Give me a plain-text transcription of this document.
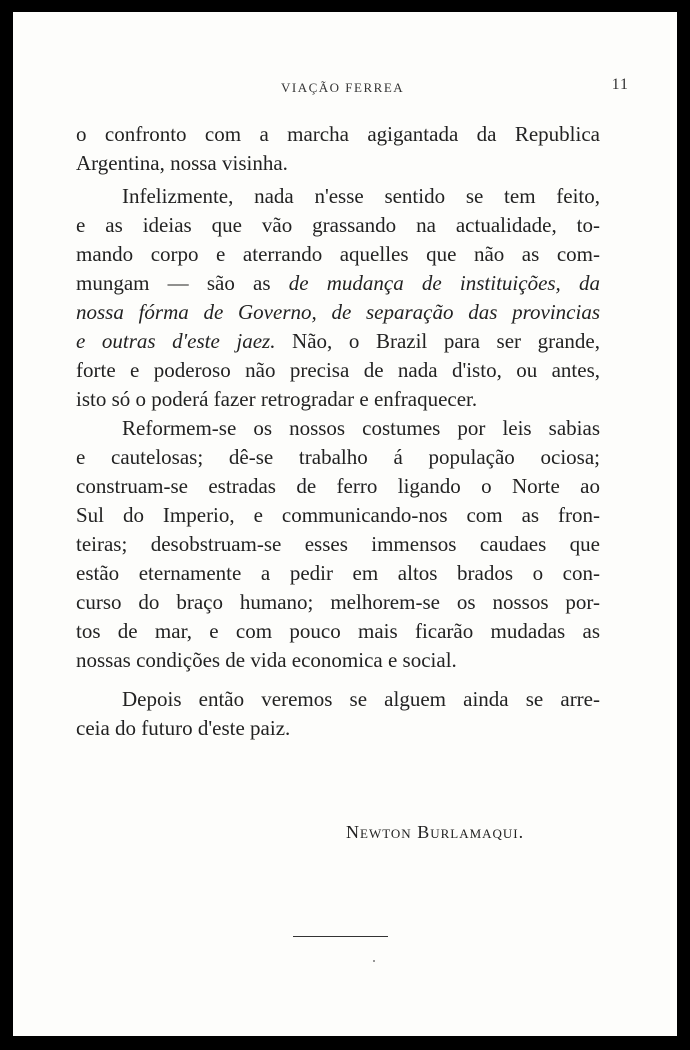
VIAÇÃO FERREA	11
o confronto com a marcha agigantada da Republica
Argentina, nossa visinha.
Infelizmente, nada n'esse sentido se tem feito,
e as ideias que vão grassando na actualidade, to-
mando corpo e aterrando aquelles que não as com-
mungam — são as de mudança de instituições, da
nossa fórma de Governo, de separação das provincias
e outras d'este jaez. Não, o Brazil para ser grande,
forte e poderoso não precisa de nada d'isto, ou antes,
isto só o poderá fazer retrogradar e enfraquecer.
Reformem-se os nossos costumes por leis sabias
e cautelosas; dê-se trabalho á população ociosa;
construam-se estradas de ferro ligando o Norte ao
Sul do Imperio, e communicando-nos com as fron-
teiras; desobstruam-se esses immensos caudaes que
estão eternamente a pedir em altos brados o con-
curso do braço humano; melhorem-se os nossos por-
tos de mar, e com pouco mais ficarão mudadas as
nossas condições de vida economica e social.
Depois então veremos se alguem ainda se arre-
ceia do futuro d'este paiz.
Newton Burlamaqui.
